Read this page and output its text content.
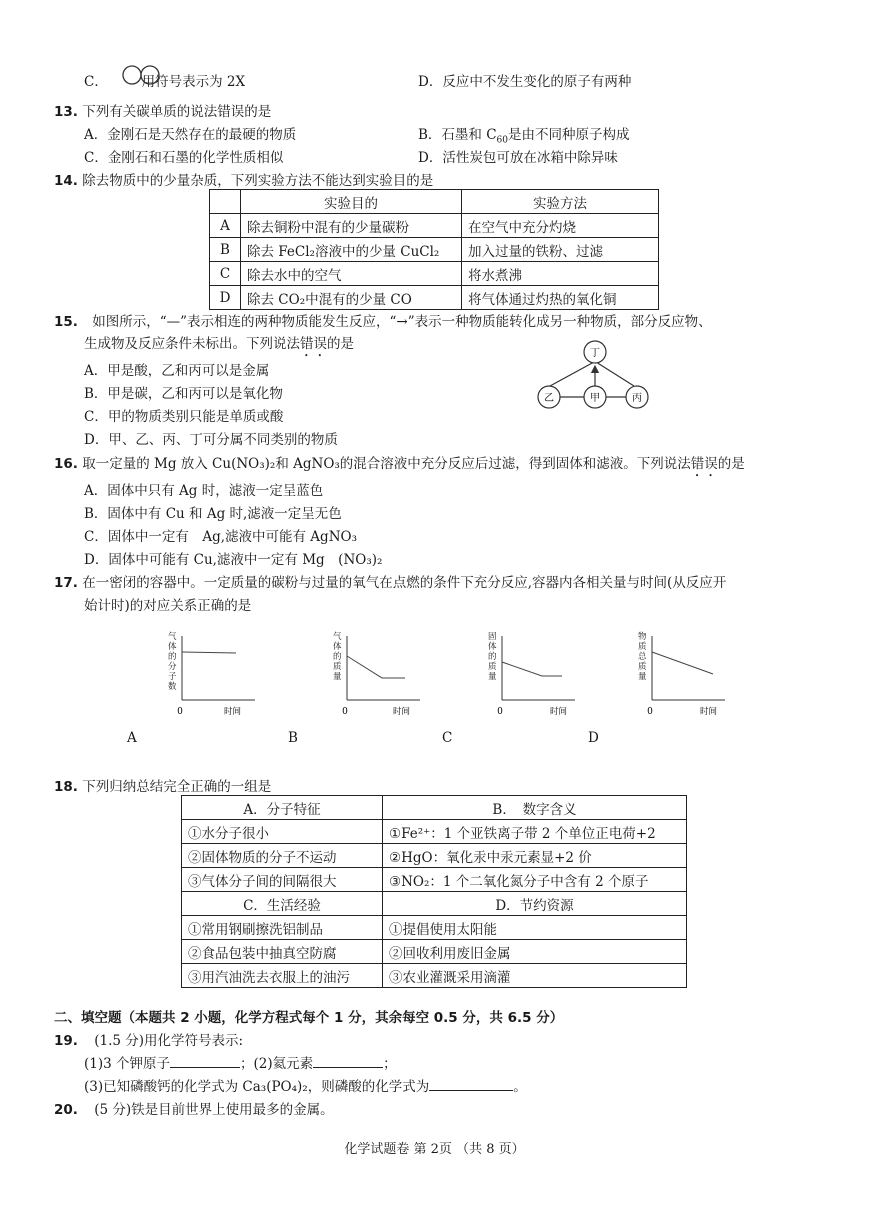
C．　　　用符号表示为 2X	D．反应中不发生变化的原子有两种
13. 下列有关碳单质的说法错误的是
A．金刚石是天然存在的最硬的物质	B．石墨和 $C_{60}$是由不同种原子构成
C．金刚石和石墨的化学性质相似	D．活性炭包可放在冰箱中除异味
14. 除去物质中的少量杂质，下列实验方法不能达到实验目的是
	实验目的	实验方法
A	除去铜粉中混有的少量碳粉	在空气中充分灼烧
B	除去 FeCl₂溶液中的少量 CuCl₂	加入过量的铁粉、过滤
C	除去水中的空气	将水煮沸
D	除去 CO₂中混有的少量 CO	将气体通过灼热的氧化铜
15. 如图所示，“—”表示相连的两种物质能发生反应，“→”表示一种物质能转化成另一种物质，部分反应物、
生成物及反应条件未标出。下列说法错误的是
A．甲是酸，乙和丙可以是金属
B．甲是碳，乙和丙可以是氧化物
C．甲的物质类别只能是单质或酸
D．甲、乙、丙、丁可分属不同类别的物质
丁
乙	甲	丙
16. 取一定量的 Mg 放入 Cu(NO₃)₂和 AgNO₃的混合溶液中充分反应后过滤，得到固体和滤液。下列说法错误的是
A．固体中只有 Ag 时，滤液一定呈蓝色
B．固体中有 Cu 和 Ag 时,滤液一定呈无色
C．固体中一定有　Ag,滤液中可能有 AgNO₃
D．固体中可能有 Cu,滤液中一定有 Mg　(NO₃)₂
17. 在一密闭的容器中。一定质量的碳粉与过量的氧气在点燃的条件下充分反应,容器内各相关量与时间(从反应开
始计时)的对应关系正确的是
0	时间
气体的分子数
A
0	时间
气体的质量
B
0	时间
固体的质量
C
0	时间
物质总质量
D
18. 下列归纳总结完全正确的一组是
A．分子特征	B．　数字含义
①水分子很小	①Fe²⁺：1 个亚铁离子带 2 个单位正电荷+2
②固体物质的分子不运动	②HgO：氧化汞中汞元素显+2 价
③气体分子间的间隔很大	③NO₂：1 个二氧化氮分子中含有 2 个原子
C．生活经验	D．节约资源
①常用钢刷擦洗铝制品	①提倡使用太阳能
②食品包装中抽真空防腐	②回收利用废旧金属
③用汽油洗去衣服上的油污	③农业灌溉采用滴灌
二、填空题（本题共 2 小题，化学方程式每个 1 分，其余每空 0.5 分，共 6.5 分）
19. (1.5 分)用化学符号表示:
(1)3 个钾原子	；(2)氦元素	；
(3)已知磷酸钙的化学式为 Ca₃(PO₄)₂，则磷酸的化学式为	。
20. (5 分)铁是目前世界上使用最多的金属。
化学试题卷 第 2页 （共 8 页）
